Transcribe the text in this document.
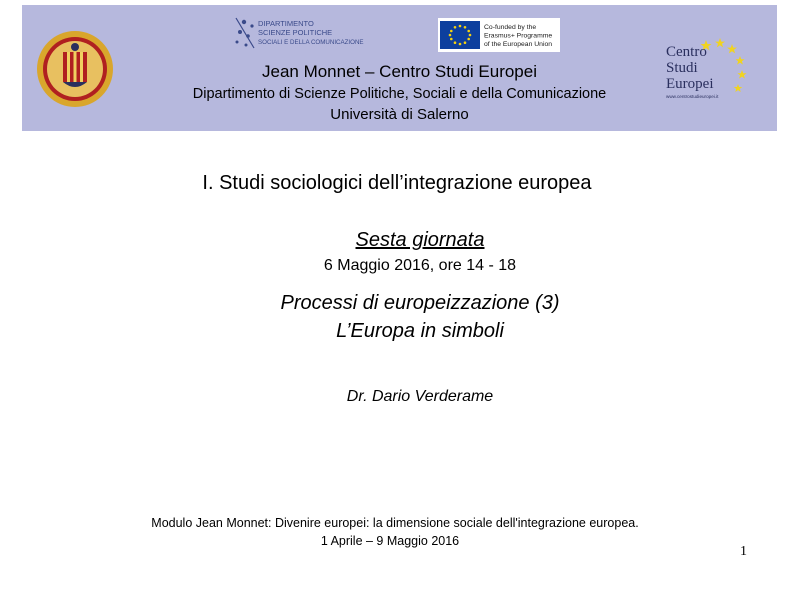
DIPARTIMENTO
SCIENZE POLITICHE
SOCIALI E DELLA COMUNICAZIONE
Co-funded by the
Erasmus+ Programme
of the European Union	Centro
Studi
Europei
www.centrostudieuropei.it
Jean Monnet – Centro Studi Europei
Dipartimento di Scienze Politiche, Sociali e della Comunicazione
Università di Salerno
I. Studi sociologici dell’integrazione europea
Sesta giornata
6 Maggio 2016, ore 14 - 18
Processi di europeizzazione (3)
L’Europa in simboli
Dr. Dario Verderame
Modulo Jean Monnet: Divenire europei: la dimensione sociale dell'integrazione europea.
1 Aprile – 9 Maggio 2016
1
